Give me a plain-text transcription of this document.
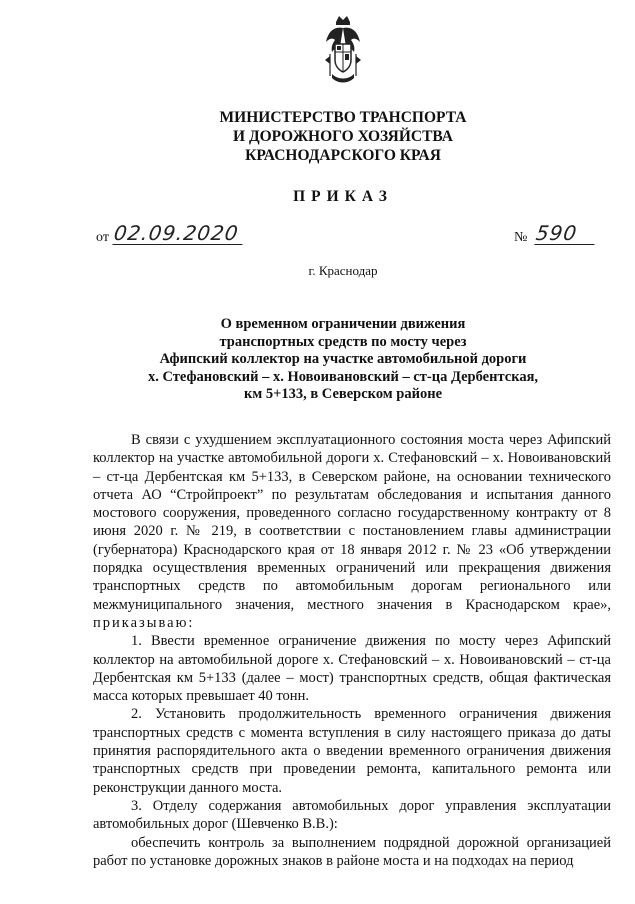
МИНИСТЕРСТВО ТРАНСПОРТА
И ДОРОЖНОГО ХОЗЯЙСТВА
КРАСНОДАРСКОГО КРАЯ
ПРИКАЗ
от 02.09.2020	№ 590
г. Краснодар
О временном ограничении движения
транспортных средств по мосту через
Афипский коллектор на участке автомобильной дороги
х. Стефановский – х. Новоивановский – ст-ца Дербентская,
км 5+133, в Северском районе

В связи с ухудшением эксплуатационного состояния моста через Афипский коллектор на участке автомобильной дороги х. Стефановский – х. Новоивановский – ст-ца Дербентская км 5+133, в Северском районе, на основании технического отчета АО “Стройпроект” по результатам обследования и испытания данного мостового сооружения, проведенного согласно государственному контракту от 8 июня 2020 г. № 219, в соответствии с постановлением главы администрации (губернатора) Краснодарского края от 18 января 2012 г. № 23 «Об утверждении порядка осуществления временных ограничений или прекращения движения транспортных средств по автомобильным дорогам регионального или межмуниципального значения, местного значения в Краснодарском крае», приказываю:

1. Ввести временное ограничение движения по мосту через Афипский коллектор на автомобильной дороге х. Стефановский – х. Новоивановский – ст-ца Дербентская км 5+133 (далее – мост) транспортных средств, общая фактическая масса которых превышает 40 тонн.

2. Установить продолжительность временного ограничения движения транспортных средств с момента вступления в силу настоящего приказа до даты принятия распорядительного акта о введении временного ограничения движения транспортных средств при проведении ремонта, капитального ремонта или реконструкции данного моста.

3. Отделу содержания автомобильных дорог управления эксплуатации автомобильных дорог (Шевченко В.В.):

обеспечить контроль за выполнением подрядной дорожной организацией работ по установке дорожных знаков в районе моста и на подходах на период
